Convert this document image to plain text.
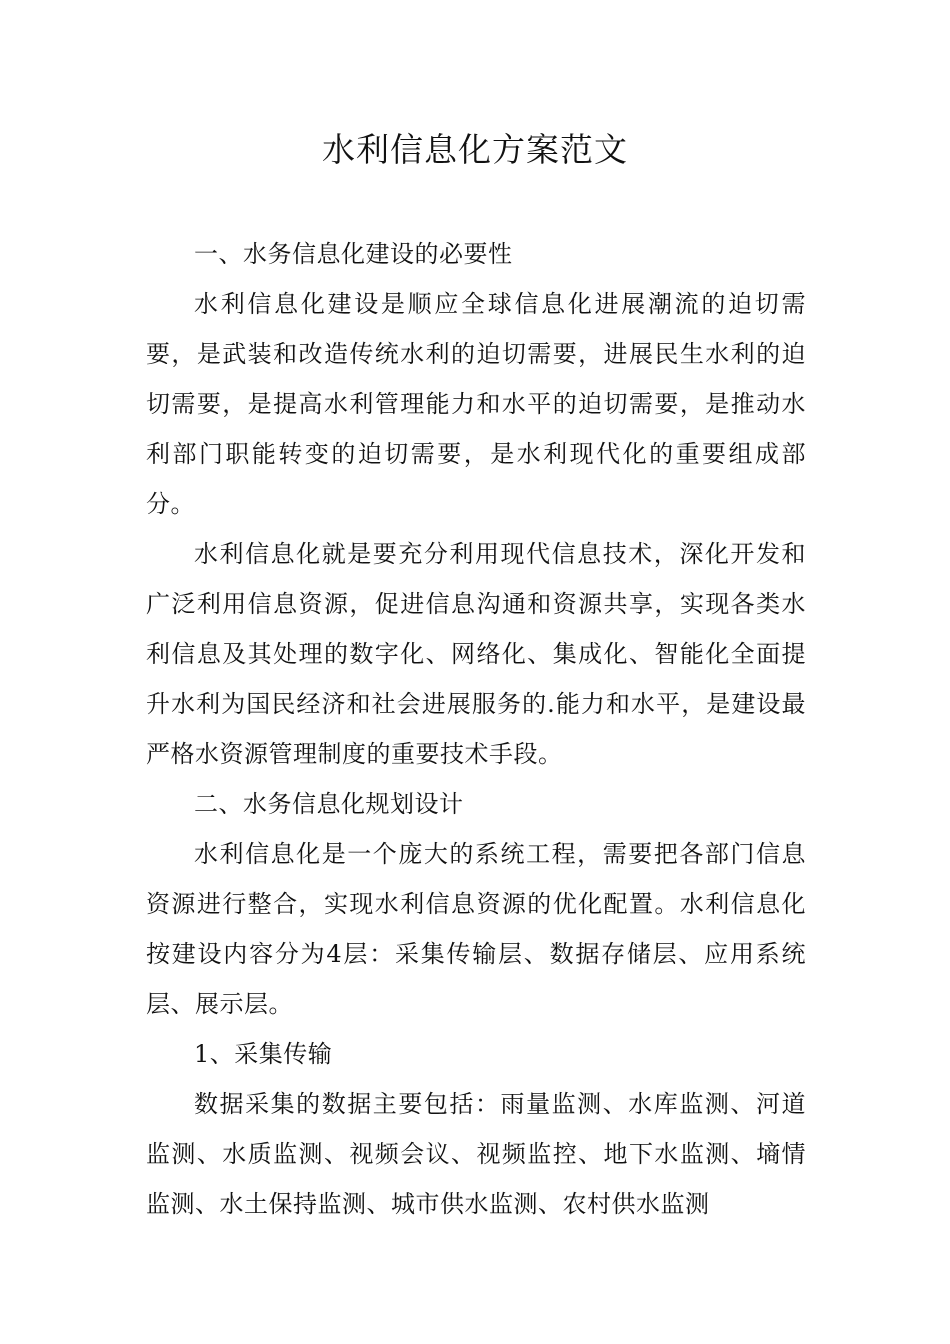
水利信息化方案范文

一、水务信息化建设的必要性

水利信息化建设是顺应全球信息化进展潮流的迫切需要，是武装和改造传统水利的迫切需要，进展民生水利的迫切需要，是提高水利管理能力和水平的迫切需要，是推动水利部门职能转变的迫切需要，是水利现代化的重要组成部分。

水利信息化就是要充分利用现代信息技术，深化开发和广泛利用信息资源，促进信息沟通和资源共享，实现各类水利信息及其处理的数字化、网络化、集成化、智能化全面提升水利为国民经济和社会进展服务的.能力和水平，是建设最严格水资源管理制度的重要技术手段。

二、水务信息化规划设计

水利信息化是一个庞大的系统工程，需要把各部门信息资源进行整合，实现水利信息资源的优化配置。水利信息化按建设内容分为4层：采集传输层、数据存储层、应用系统层、展示层。

1、采集传输

数据采集的数据主要包括：雨量监测、水库监测、河道监测、水质监测、视频会议、视频监控、地下水监测、墒情监测、水土保持监测、城市供水监测、农村供水监测
